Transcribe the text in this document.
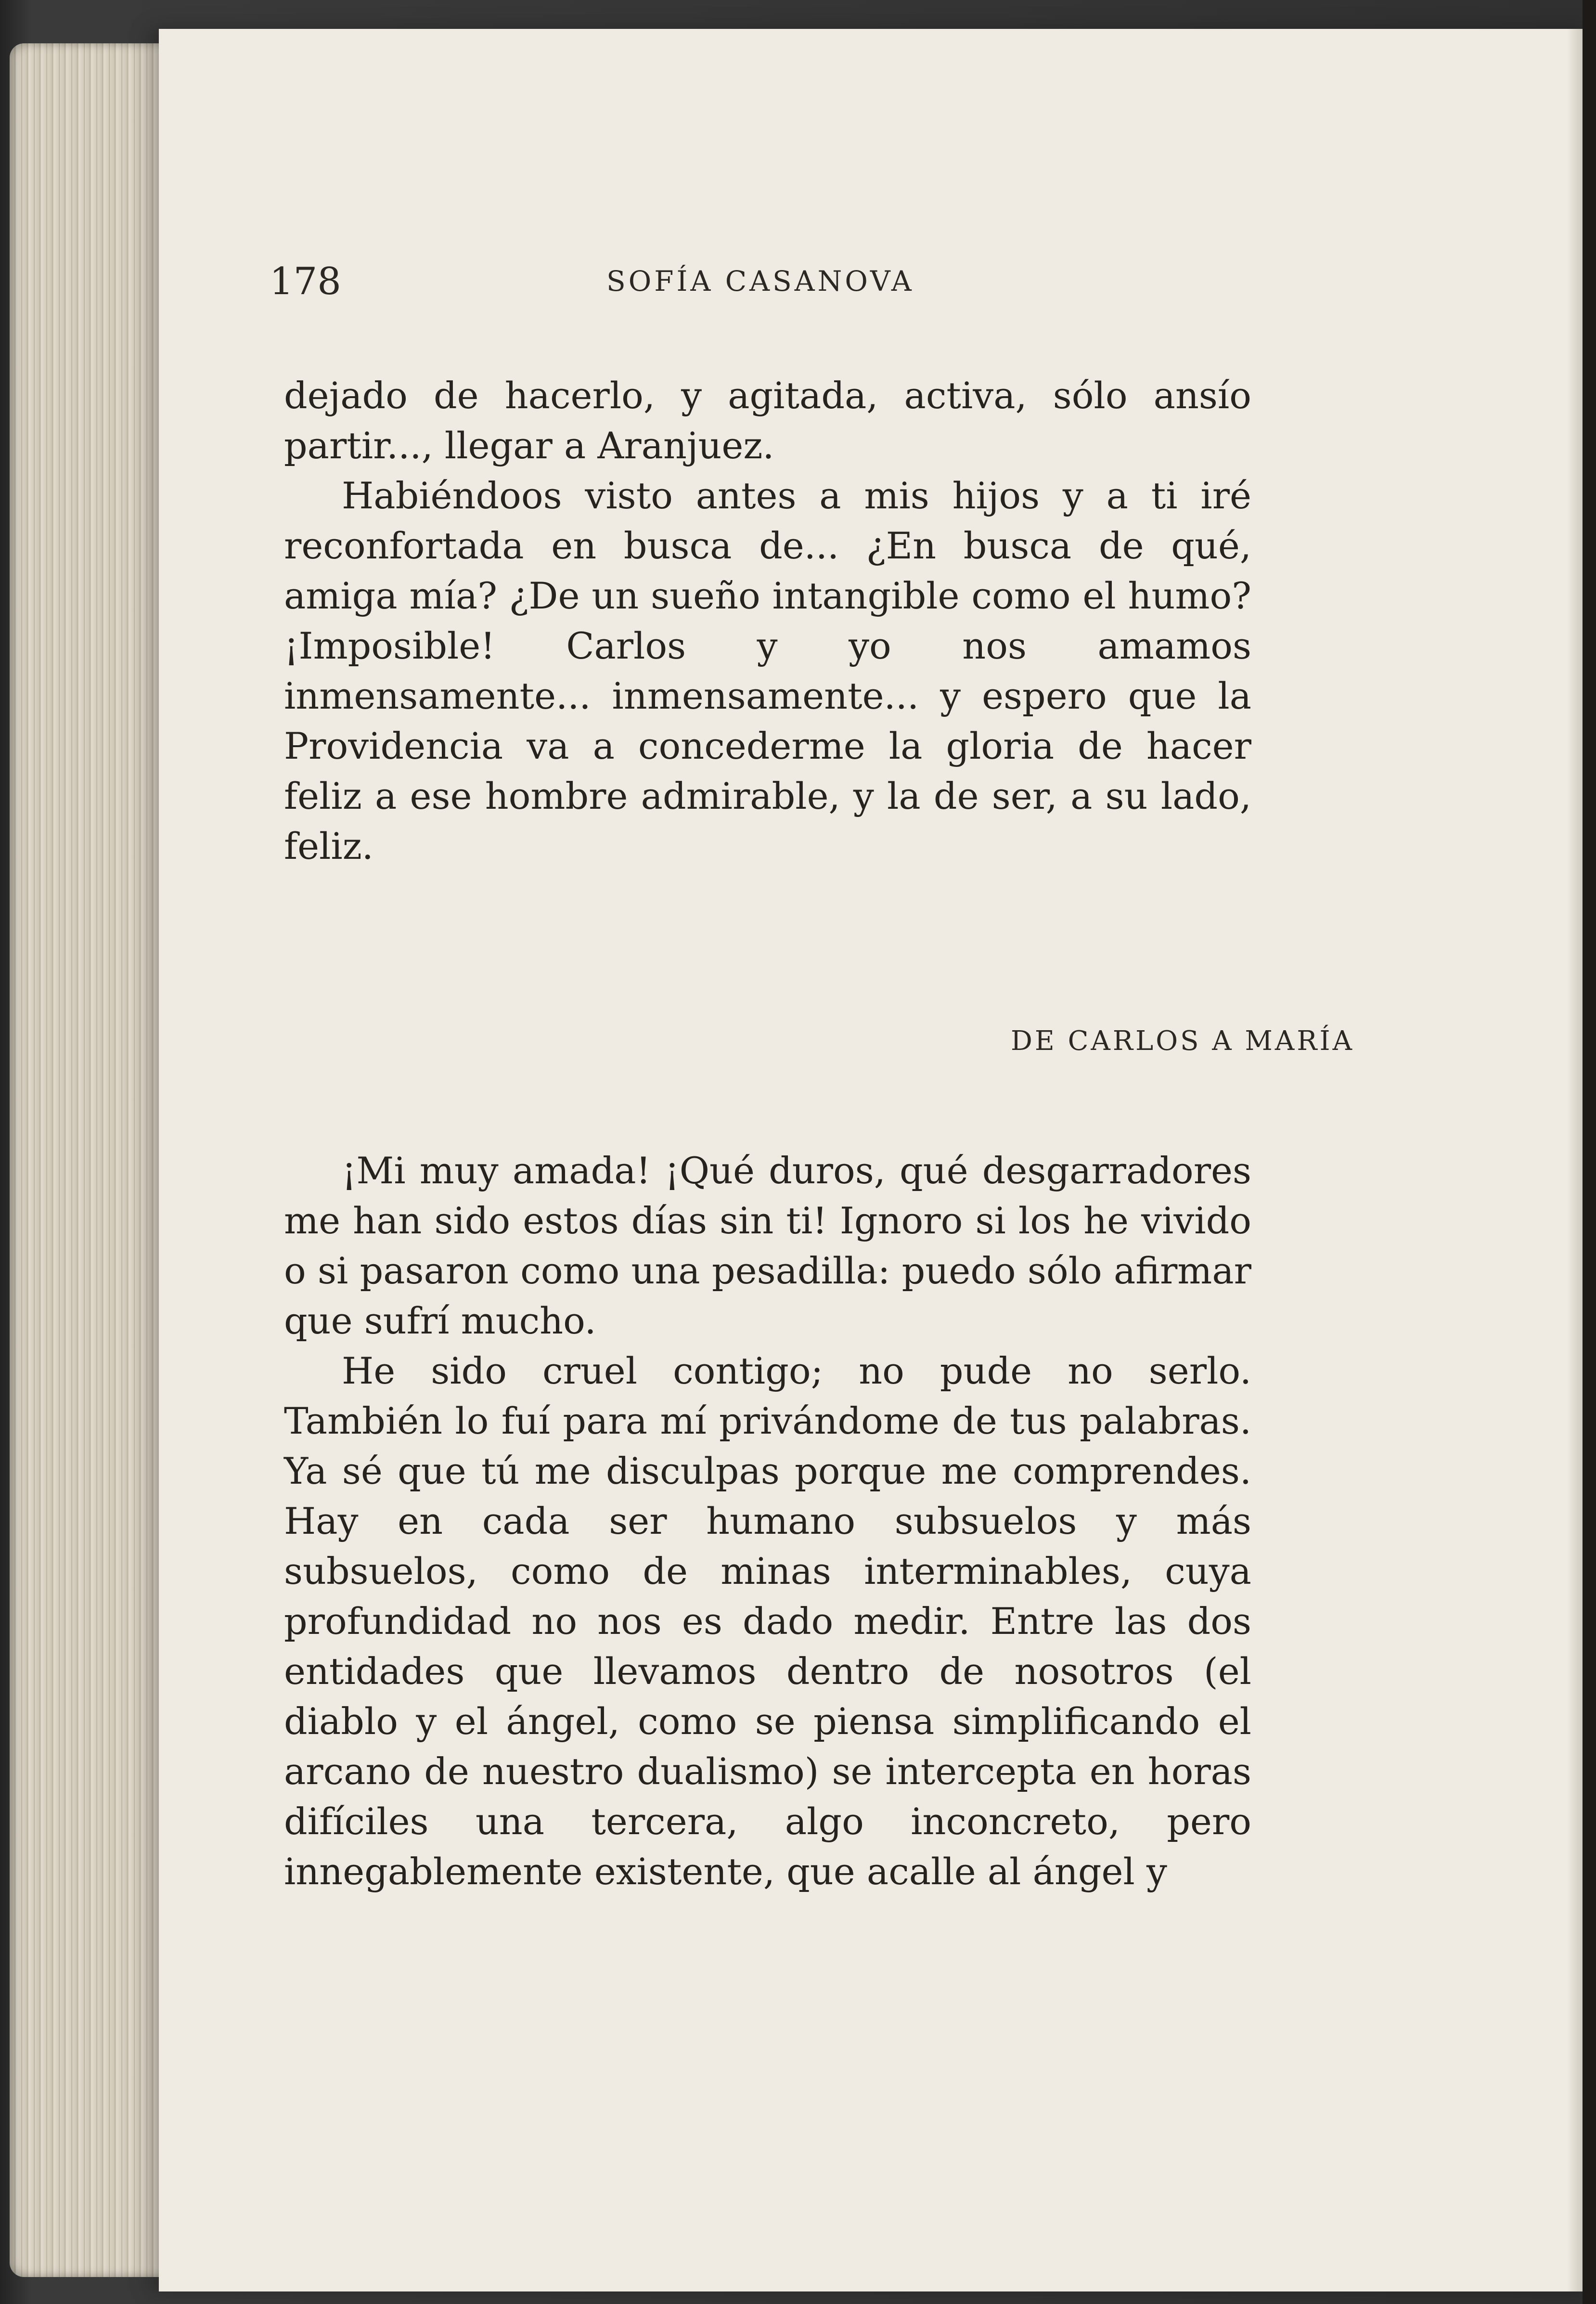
178	SOFÍA CASANOVA

dejado de hacerlo, y agitada, activa, sólo ansío partir..., llegar a Aranjuez.

Habiéndoos visto antes a mis hijos y a ti iré reconfortada en busca de... ¿En busca de qué, amiga mía? ¿De un sueño intangible como el humo? ¡Imposible! Carlos y yo nos amamos inmensamente... inmensamente... y espero que la Providencia va a concederme la gloria de hacer feliz a ese hombre admirable, y la de ser, a su lado, feliz.

DE CARLOS A MARÍA

¡Mi muy amada! ¡Qué duros, qué desgarradores me han sido estos días sin ti! Ignoro si los he vivido o si pasaron como una pesadilla: puedo sólo afirmar que sufrí mucho.

He sido cruel contigo; no pude no serlo. También lo fuí para mí privándome de tus palabras. Ya sé que tú me disculpas porque me comprendes. Hay en cada ser humano subsuelos y más subsuelos, como de minas interminables, cuya profundidad no nos es dado medir. Entre las dos entidades que llevamos dentro de nosotros (el diablo y el ángel, como se piensa simplificando el arcano de nuestro dualismo) se intercepta en horas difíciles una tercera, algo inconcreto, pero innegablemente existente, que acalle al ángel y
